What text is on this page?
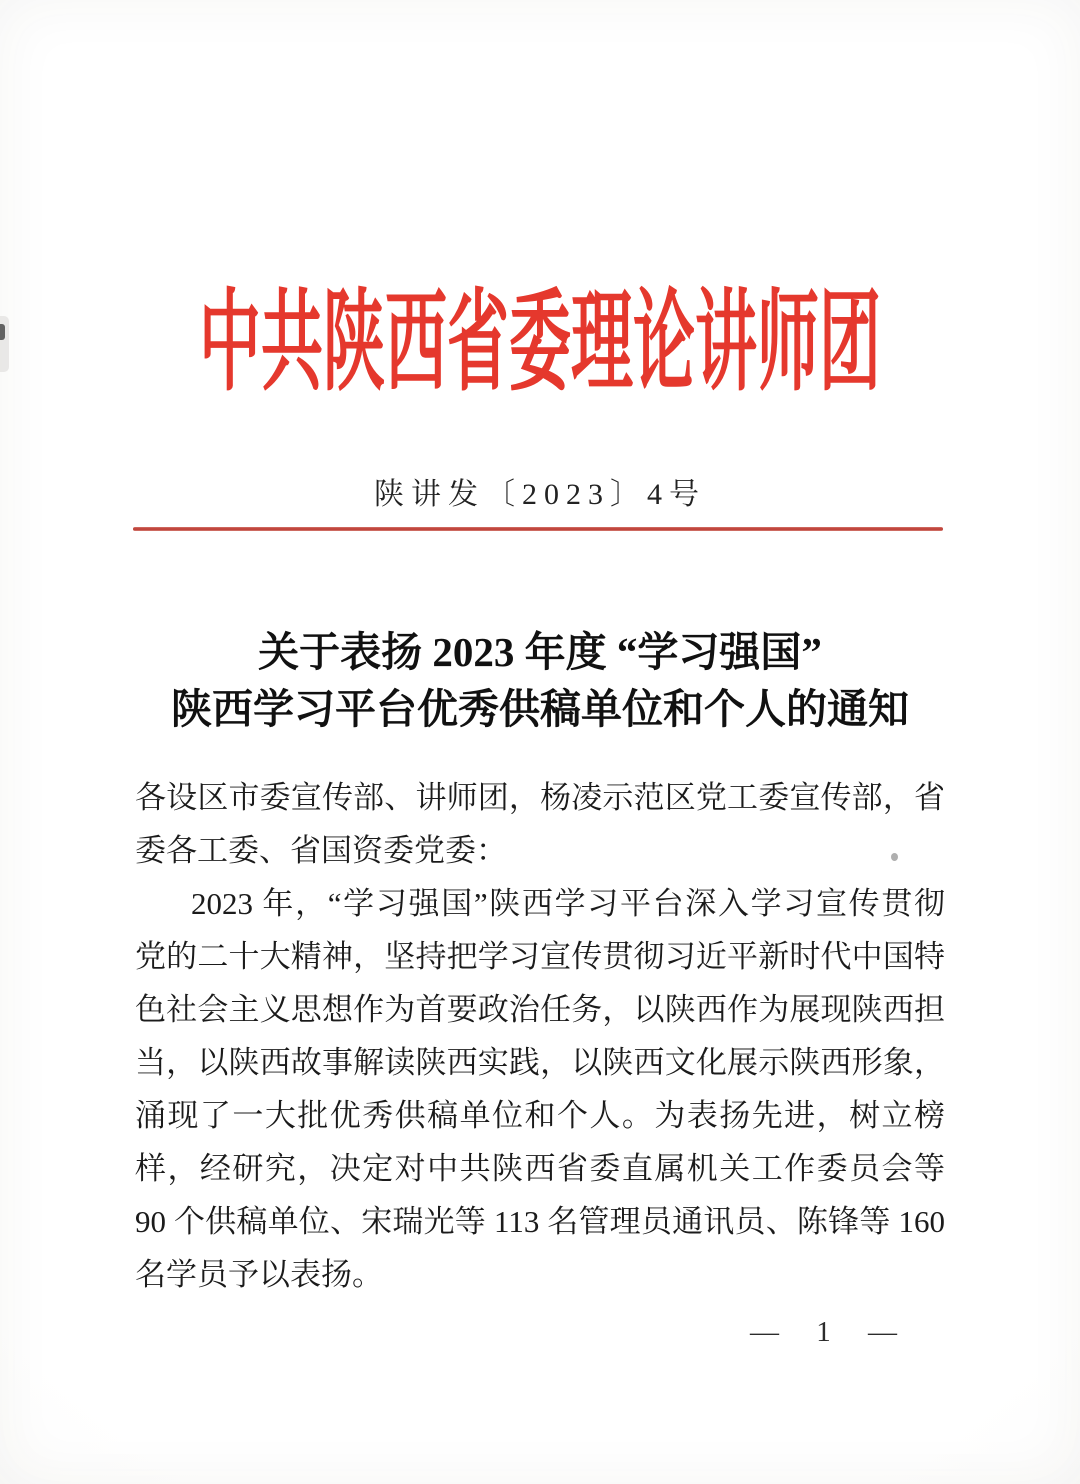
中共陕西省委理论讲师团
陕讲发〔2023〕4号
关于表扬 2023 年度 “学习强国”
陕西学习平台优秀供稿单位和个人的通知
各设区市委宣传部、讲师团，杨凌示范区党工委宣传部，省
委各工委、省国资委党委：
2023 年，“学习强国”陕西学习平台深入学习宣传贯彻
党的二十大精神，坚持把学习宣传贯彻习近平新时代中国特
色社会主义思想作为首要政治任务，以陕西作为展现陕西担
当，以陕西故事解读陕西实践，以陕西文化展示陕西形象，
涌现了一大批优秀供稿单位和个人。为表扬先进，树立榜
样，经研究，决定对中共陕西省委直属机关工作委员会等
90 个供稿单位、宋瑞光等 113 名管理员通讯员、陈锋等 160
名学员予以表扬。
— 1 —
